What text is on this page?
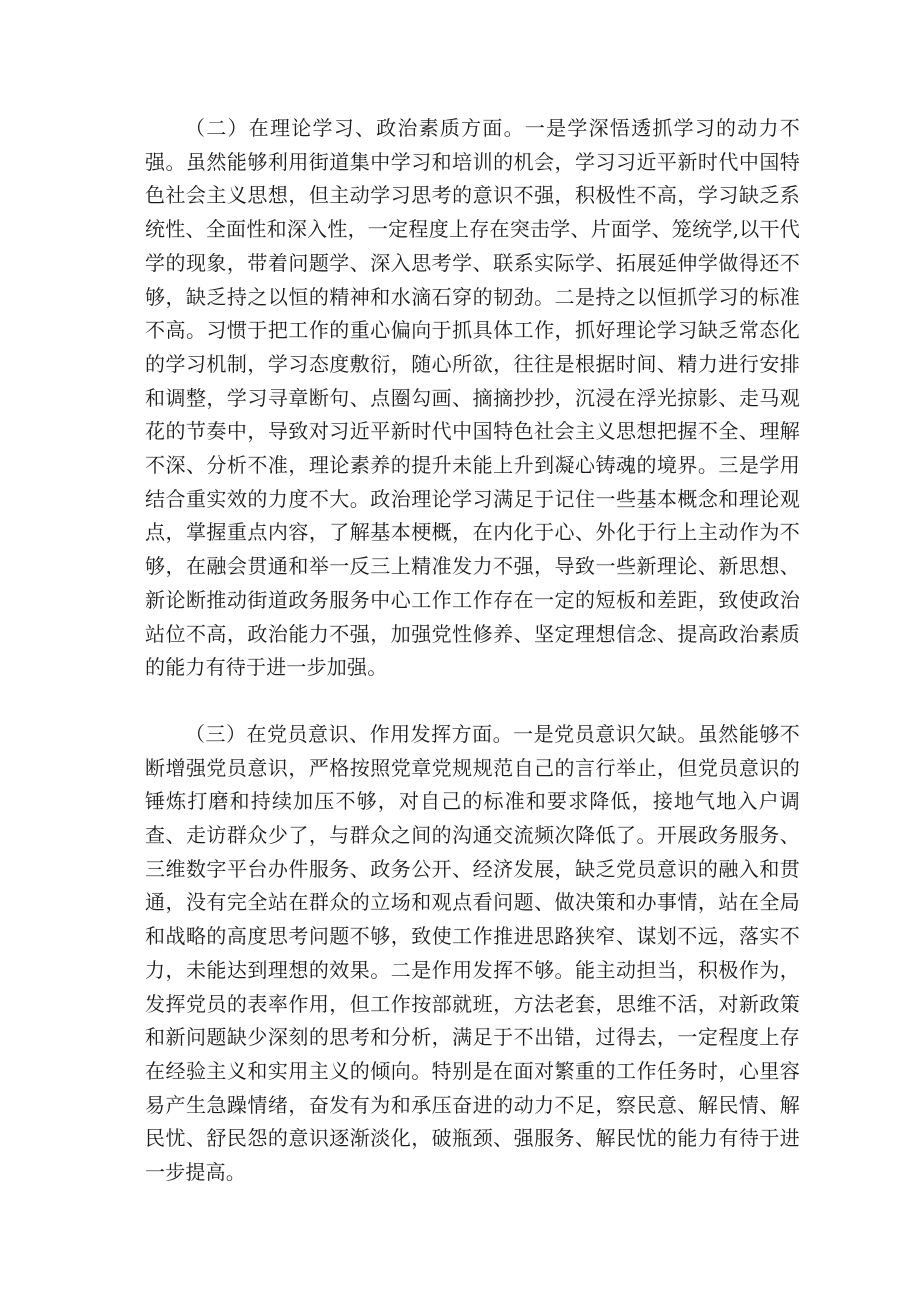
（二）在理论学习、政治素质方面。一是学深悟透抓学习的动力不强。虽然能够利用街道集中学习和培训的机会，学习习近平新时代中国特色社会主义思想，但主动学习思考的意识不强，积极性不高，学习缺乏系统性、全面性和深入性，一定程度上存在突击学、片面学、笼统学,以干代学的现象，带着问题学、深入思考学、联系实际学、拓展延伸学做得还不够，缺乏持之以恒的精神和水滴石穿的韧劲。二是持之以恒抓学习的标准不高。习惯于把工作的重心偏向于抓具体工作，抓好理论学习缺乏常态化的学习机制，学习态度敷衍，随心所欲，往往是根据时间、精力进行安排和调整，学习寻章断句、点圈勾画、摘摘抄抄，沉浸在浮光掠影、走马观花的节奏中，导致对习近平新时代中国特色社会主义思想把握不全、理解不深、分析不准，理论素养的提升未能上升到凝心铸魂的境界。三是学用结合重实效的力度不大。政治理论学习满足于记住一些基本概念和理论观点，掌握重点内容，了解基本梗概，在内化于心、外化于行上主动作为不够，在融会贯通和举一反三上精准发力不强，导致一些新理论、新思想、新论断推动街道政务服务中心工作工作存在一定的短板和差距，致使政治站位不高，政治能力不强，加强党性修养、坚定理想信念、提高政治素质的能力有待于进一步加强。

（三）在党员意识、作用发挥方面。一是党员意识欠缺。虽然能够不断增强党员意识，严格按照党章党规规范自己的言行举止，但党员意识的锤炼打磨和持续加压不够，对自己的标准和要求降低，接地气地入户调查、走访群众少了，与群众之间的沟通交流频次降低了。开展政务服务、三维数字平台办件服务、政务公开、经济发展，缺乏党员意识的融入和贯通，没有完全站在群众的立场和观点看问题、做决策和办事情，站在全局和战略的高度思考问题不够，致使工作推进思路狭窄、谋划不远，落实不力，未能达到理想的效果。二是作用发挥不够。能主动担当，积极作为，发挥党员的表率作用，但工作按部就班，方法老套，思维不活，对新政策和新问题缺少深刻的思考和分析，满足于不出错，过得去，一定程度上存在经验主义和实用主义的倾向。特别是在面对繁重的工作任务时，心里容易产生急躁情绪，奋发有为和承压奋进的动力不足，察民意、解民情、解民忧、舒民怨的意识逐渐淡化，破瓶颈、强服务、解民忧的能力有待于进一步提高。
